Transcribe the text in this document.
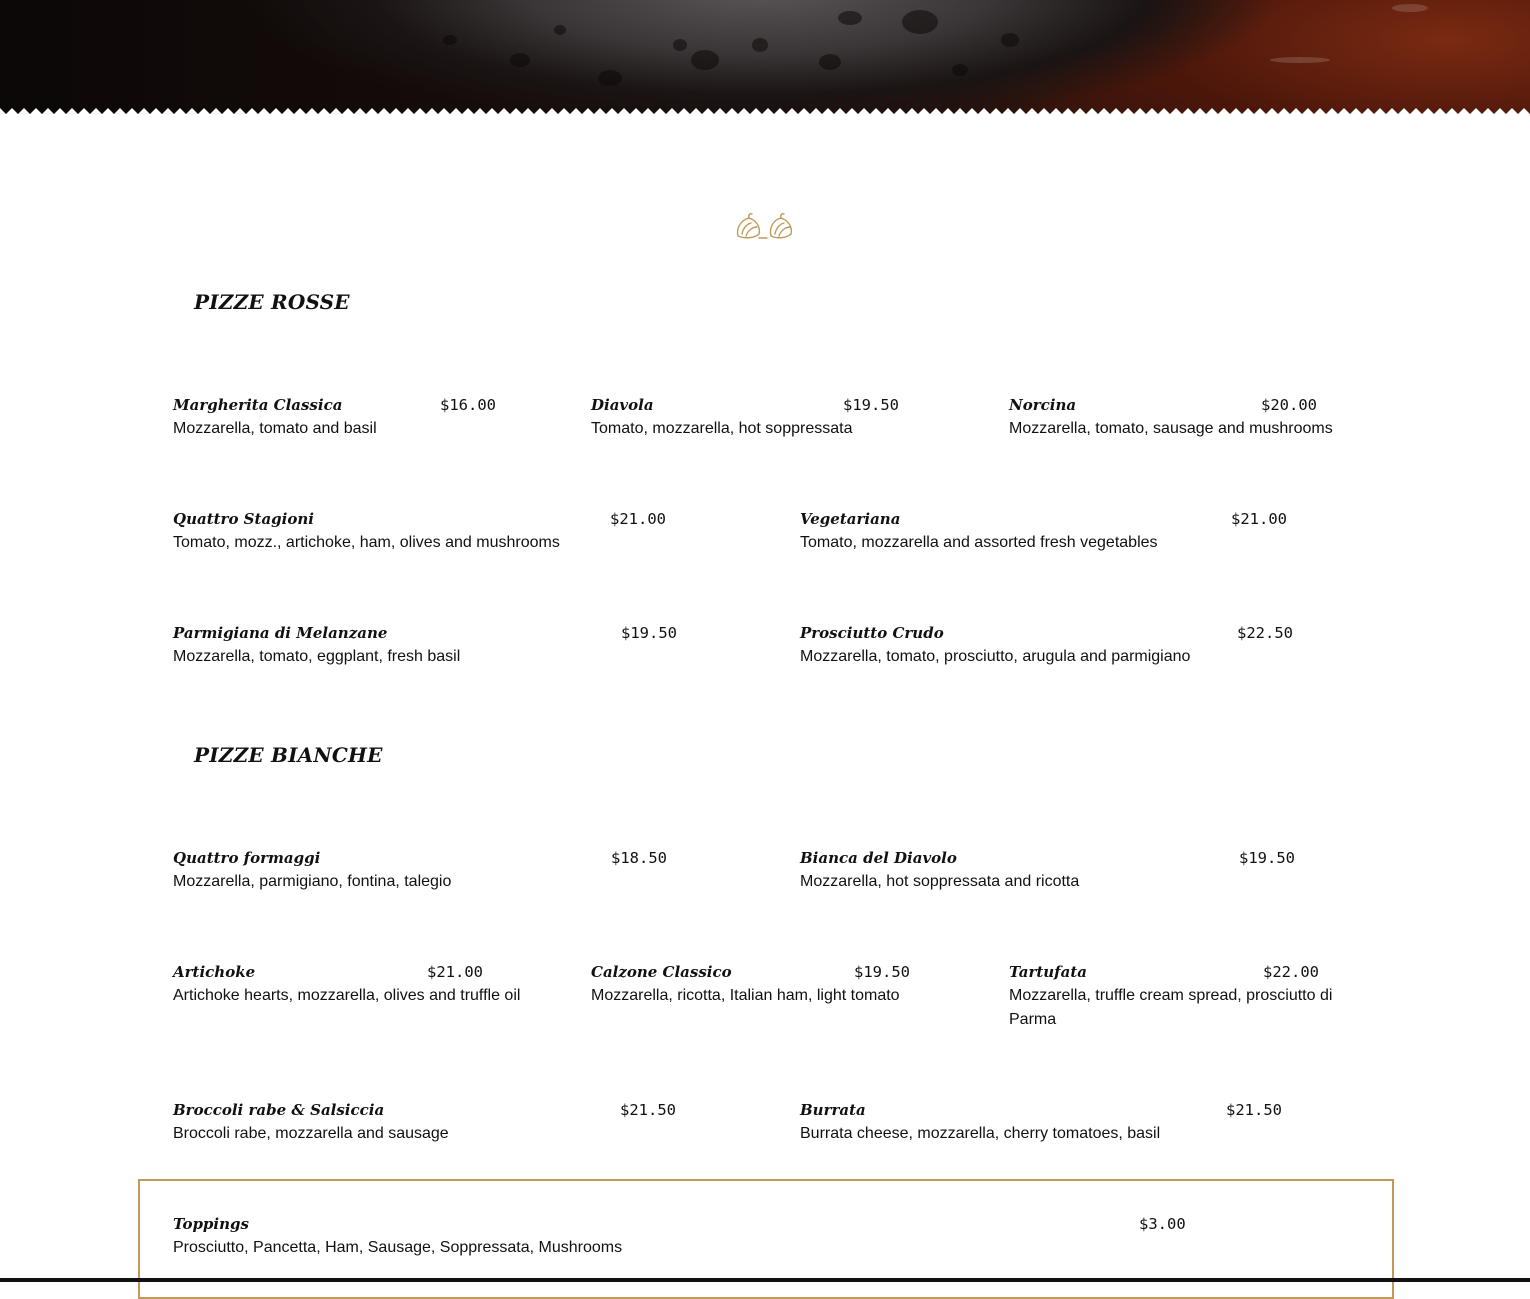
PIZZE ROSSE
Margherita Classica	$16.00
Mozzarella, tomato and basil
Diavola	$19.50
Tomato, mozzarella, hot soppressata
Norcina	$20.00
Mozzarella, tomato, sausage and mushrooms
Quattro Stagioni	$21.00
Tomato, mozz., artichoke, ham, olives and mushrooms
Vegetariana	$21.00
Tomato, mozzarella and assorted fresh vegetables
Parmigiana di Melanzane	$19.50
Mozzarella, tomato, eggplant, fresh basil
Prosciutto Crudo	$22.50
Mozzarella, tomato, prosciutto, arugula and parmigiano
PIZZE BIANCHE
Quattro formaggi	$18.50
Mozzarella, parmigiano, fontina, talegio
Bianca del Diavolo	$19.50
Mozzarella, hot soppressata and ricotta
Artichoke	$21.00
Artichoke hearts, mozzarella, olives and truffle oil
Calzone Classico	$19.50
Mozzarella, ricotta, Italian ham, light tomato
Tartufata	$22.00
Mozzarella, truffle cream spread, prosciutto di Parma
Broccoli rabe & Salsiccia	$21.50
Broccoli rabe, mozzarella and sausage
Burrata	$21.50
Burrata cheese, mozzarella, cherry tomatoes, basil
Toppings	$3.00
Prosciutto, Pancetta, Ham, Sausage, Soppressata, Mushrooms
